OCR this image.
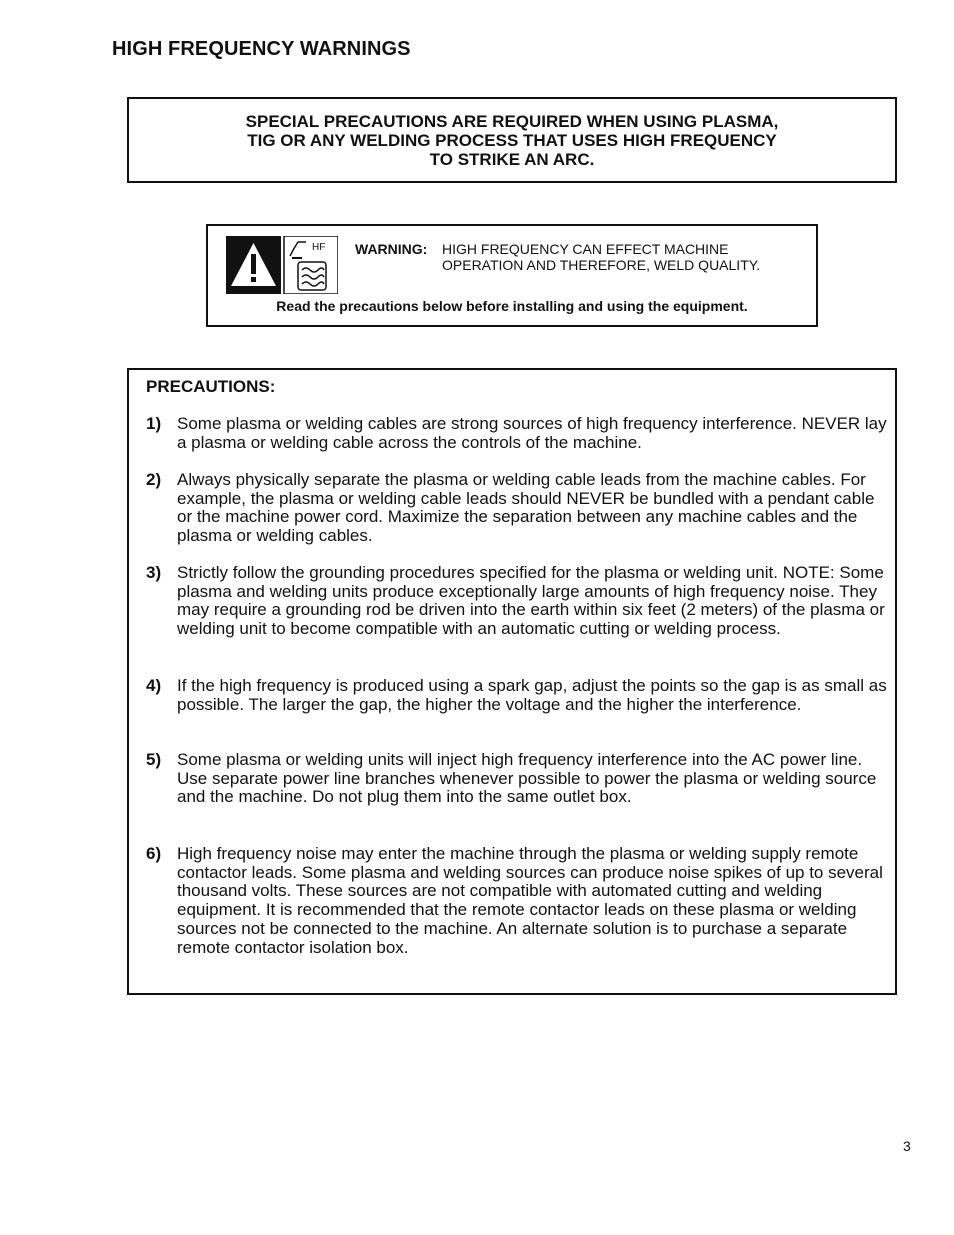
HIGH FREQUENCY WARNINGS
SPECIAL PRECAUTIONS ARE REQUIRED WHEN USING PLASMA,
TIG OR ANY WELDING PROCESS THAT USES HIGH FREQUENCY
TO STRIKE AN ARC.
HF WARNING: HIGH FREQUENCY CAN EFFECT MACHINE
OPERATION AND THEREFORE, WELD QUALITY.
Read the precautions below before installing and using the equipment.
PRECAUTIONS:
1) Some plasma or welding cables are strong sources of high frequency interference. NEVER lay a plasma or welding cable across the controls of the machine.
2) Always physically separate the plasma or welding cable leads from the machine cables. For example, the plasma or welding cable leads should NEVER be bundled with a pendant cable or the machine power cord. Maximize the separation between any machine cables and the plasma or welding cables.
3) Strictly follow the grounding procedures specified for the plasma or welding unit. NOTE: Some plasma and welding units produce exceptionally large amounts of high frequency noise. They may require a grounding rod be driven into the earth within six feet (2 meters) of the plasma or welding unit to become compatible with an automatic cutting or welding process.
4) If the high frequency is produced using a spark gap, adjust the points so the gap is as small as possible. The larger the gap, the higher the voltage and the higher the interference.
5) Some plasma or welding units will inject high frequency interference into the AC power line. Use separate power line branches whenever possible to power the plasma or welding source and the machine. Do not plug them into the same outlet box.
6) High frequency noise may enter the machine through the plasma or welding supply remote contactor leads. Some plasma and welding sources can produce noise spikes of up to several thousand volts. These sources are not compatible with automated cutting and welding equipment. It is recommended that the remote contactor leads on these plasma or welding sources not be connected to the machine. An alternate solution is to purchase a separate remote contactor isolation box.
3
